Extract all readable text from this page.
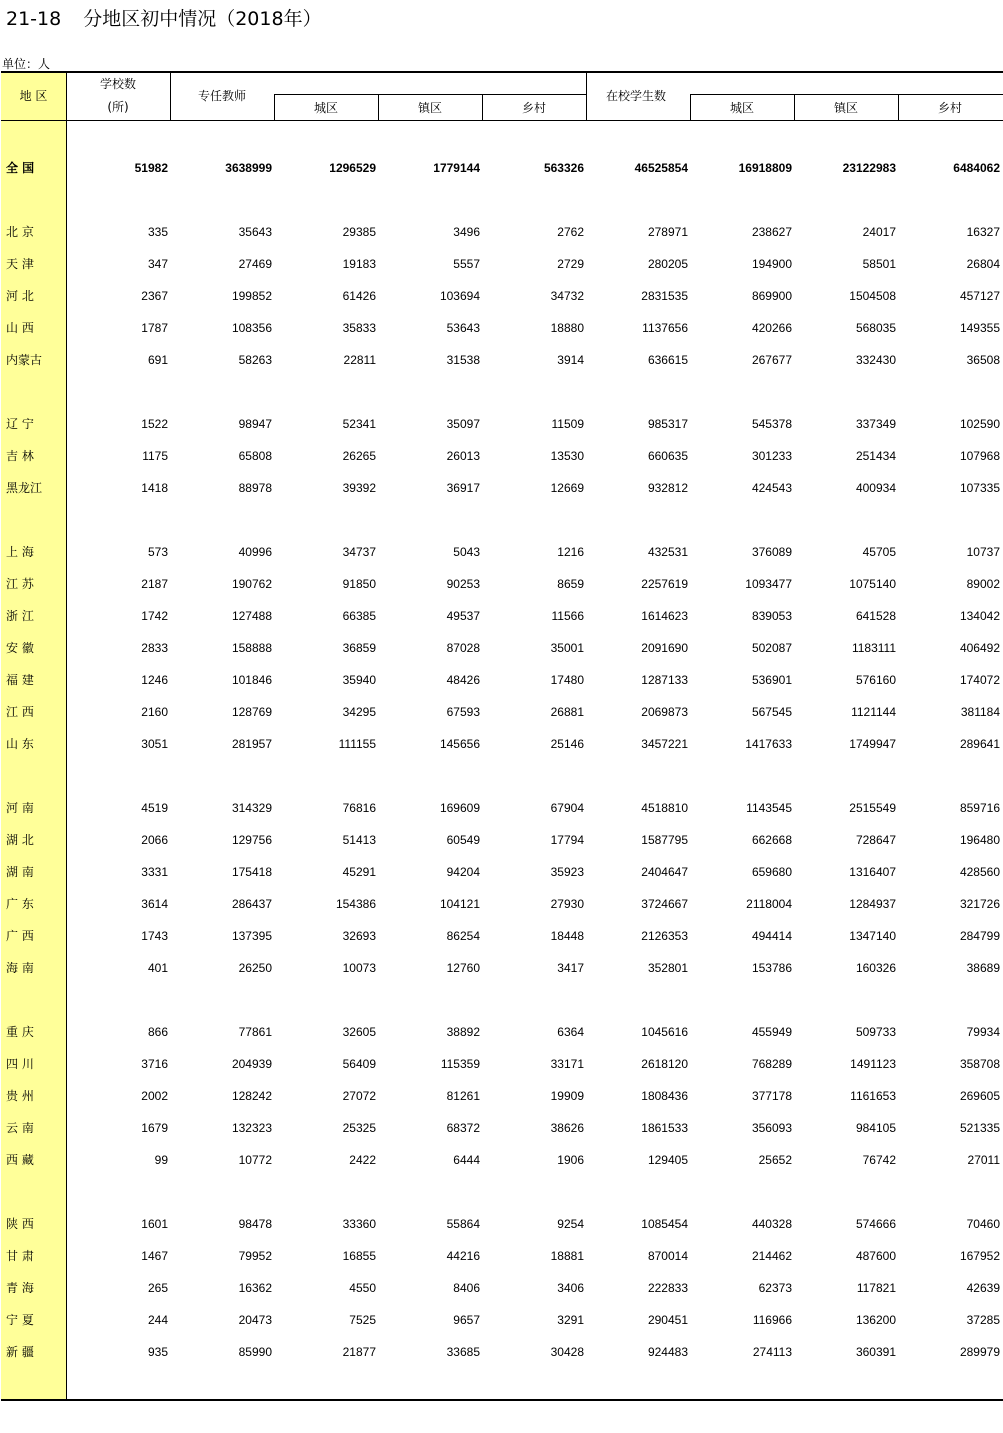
21-18 分地区初中情况（2018年）
单位：人
地 区
学校数
(所)
专任教师
城区	镇区	乡村
在校学生数
城区	镇区	乡村
全 国	51982	3638999	1296529	1779144	563326	46525854	16918809	23122983	6484062
北 京	335	35643	29385	3496	2762	278971	238627	24017	16327
天 津	347	27469	19183	5557	2729	280205	194900	58501	26804
河 北	2367	199852	61426	103694	34732	2831535	869900	1504508	457127
山 西	1787	108356	35833	53643	18880	1137656	420266	568035	149355
内蒙古	691	58263	22811	31538	3914	636615	267677	332430	36508
辽 宁	1522	98947	52341	35097	11509	985317	545378	337349	102590
吉 林	1175	65808	26265	26013	13530	660635	301233	251434	107968
黑龙江	1418	88978	39392	36917	12669	932812	424543	400934	107335
上 海	573	40996	34737	5043	1216	432531	376089	45705	10737
江 苏	2187	190762	91850	90253	8659	2257619	1093477	1075140	89002
浙 江	1742	127488	66385	49537	11566	1614623	839053	641528	134042
安 徽	2833	158888	36859	87028	35001	2091690	502087	1183111	406492
福 建	1246	101846	35940	48426	17480	1287133	536901	576160	174072
江 西	2160	128769	34295	67593	26881	2069873	567545	1121144	381184
山 东	3051	281957	111155	145656	25146	3457221	1417633	1749947	289641
河 南	4519	314329	76816	169609	67904	4518810	1143545	2515549	859716
湖 北	2066	129756	51413	60549	17794	1587795	662668	728647	196480
湖 南	3331	175418	45291	94204	35923	2404647	659680	1316407	428560
广 东	3614	286437	154386	104121	27930	3724667	2118004	1284937	321726
广 西	1743	137395	32693	86254	18448	2126353	494414	1347140	284799
海 南	401	26250	10073	12760	3417	352801	153786	160326	38689
重 庆	866	77861	32605	38892	6364	1045616	455949	509733	79934
四 川	3716	204939	56409	115359	33171	2618120	768289	1491123	358708
贵 州	2002	128242	27072	81261	19909	1808436	377178	1161653	269605
云 南	1679	132323	25325	68372	38626	1861533	356093	984105	521335
西 藏	99	10772	2422	6444	1906	129405	25652	76742	27011
陕 西	1601	98478	33360	55864	9254	1085454	440328	574666	70460
甘 肃	1467	79952	16855	44216	18881	870014	214462	487600	167952
青 海	265	16362	4550	8406	3406	222833	62373	117821	42639
宁 夏	244	20473	7525	9657	3291	290451	116966	136200	37285
新 疆	935	85990	21877	33685	30428	924483	274113	360391	289979
